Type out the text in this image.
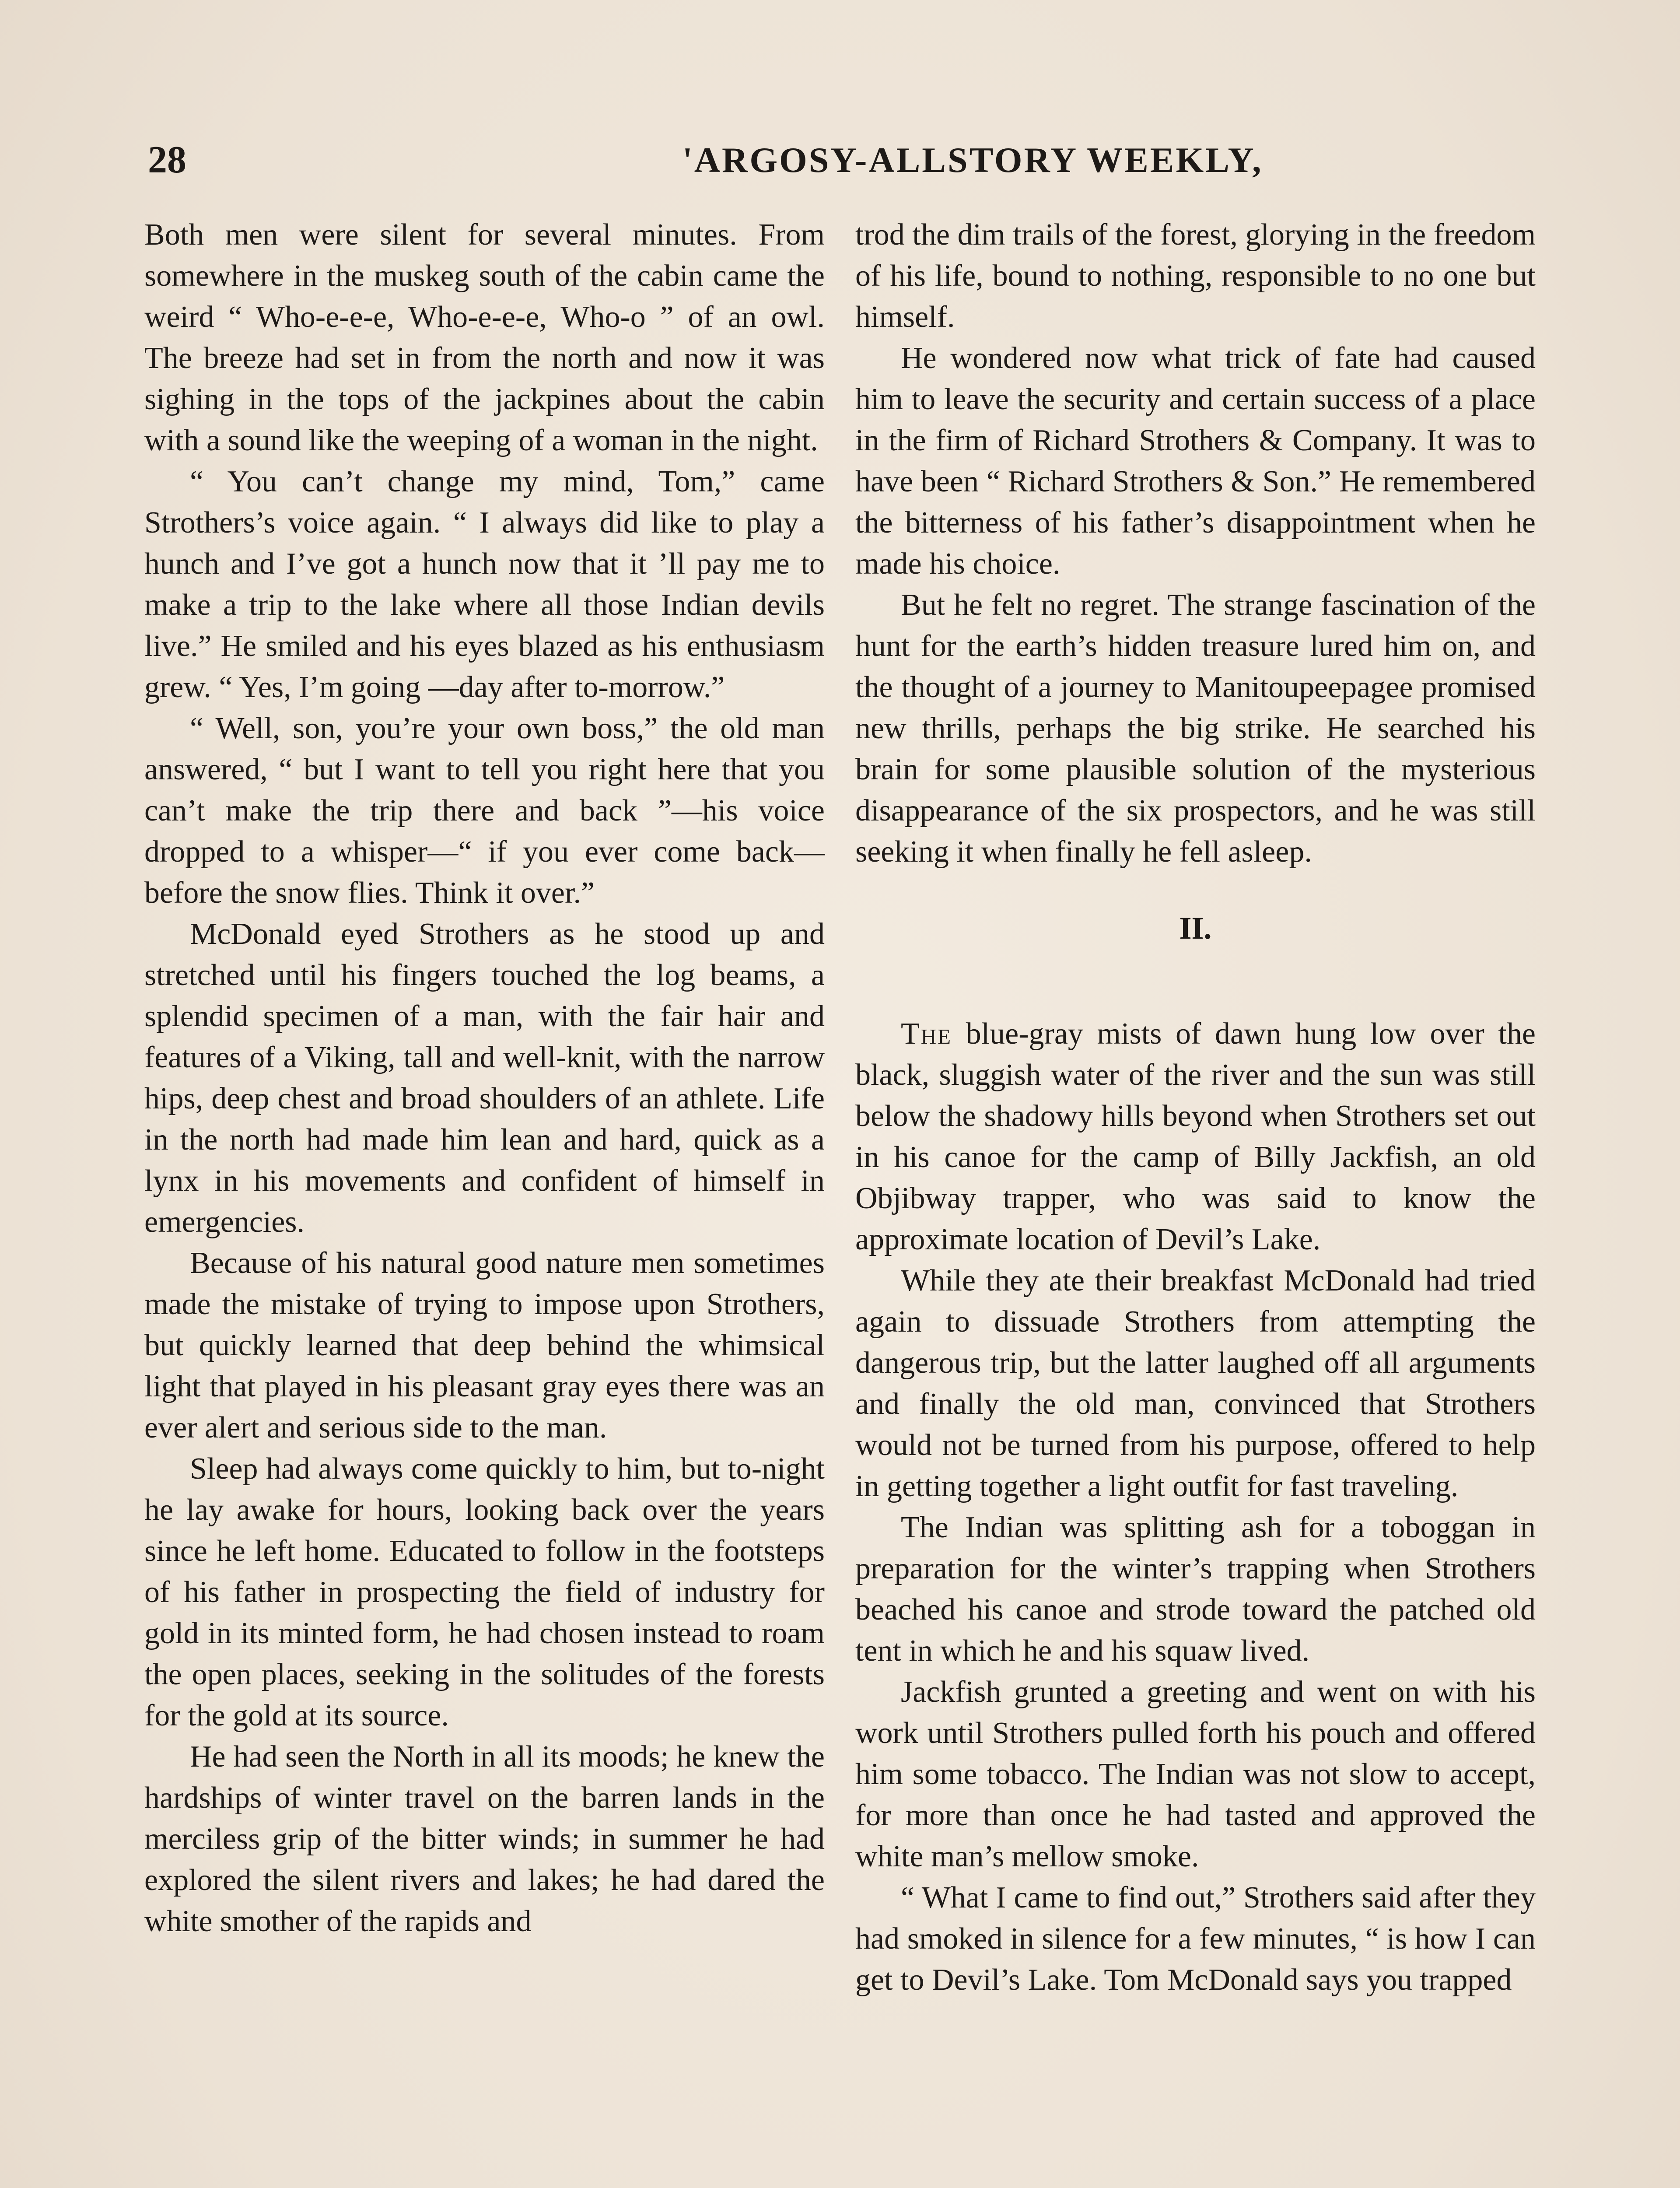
28	'ARGOSY-ALLSTORY WEEKLY,

Both men were silent for several minutes. From somewhere in the muskeg south of the cabin came the weird “ Who-e-e-e, Who-e-e-e, Who-o ” of an owl. The breeze had set in from the north and now it was sighing in the tops of the jackpines about the cabin with a sound like the weeping of a woman in the night.

“ You can’t change my mind, Tom,” came Strothers’s voice again. “ I always did like to play a hunch and I’ve got a hunch now that it ’ll pay me to make a trip to the lake where all those Indian devils live.” He smiled and his eyes blazed as his enthusiasm grew. “ Yes, I’m going —day after to-morrow.”

“ Well, son, you’re your own boss,” the old man answered, “ but I want to tell you right here that you can’t make the trip there and back ”—his voice dropped to a whisper—“ if you ever come back—before the snow flies. Think it over.”

McDonald eyed Strothers as he stood up and stretched until his fingers touched the log beams, a splendid specimen of a man, with the fair hair and features of a Viking, tall and well-knit, with the narrow hips, deep chest and broad shoulders of an athlete. Life in the north had made him lean and hard, quick as a lynx in his movements and confident of himself in emergencies.

Because of his natural good nature men sometimes made the mistake of trying to impose upon Strothers, but quickly learned that deep behind the whimsical light that played in his pleasant gray eyes there was an ever alert and serious side to the man.

Sleep had always come quickly to him, but to-night he lay awake for hours, looking back over the years since he left home. Educated to follow in the footsteps of his father in prospecting the field of industry for gold in its minted form, he had chosen instead to roam the open places, seeking in the solitudes of the forests for the gold at its source.

He had seen the North in all its moods; he knew the hardships of winter travel on the barren lands in the merciless grip of the bitter winds; in summer he had explored the silent rivers and lakes; he had dared the white smother of the rapids and

trod the dim trails of the forest, glorying in the freedom of his life, bound to nothing, responsible to no one but himself.

He wondered now what trick of fate had caused him to leave the security and certain success of a place in the firm of Richard Strothers & Company. It was to have been “ Richard Strothers & Son.” He remembered the bitterness of his father’s disappointment when he made his choice.

But he felt no regret. The strange fascination of the hunt for the earth’s hidden treasure lured him on, and the thought of a journey to Manitoupeepagee promised new thrills, perhaps the big strike. He searched his brain for some plausible solution of the mysterious disappearance of the six prospectors, and he was still seeking it when finally he fell asleep.

II.

The blue-gray mists of dawn hung low over the black, sluggish water of the river and the sun was still below the shadowy hills beyond when Strothers set out in his canoe for the camp of Billy Jackfish, an old Objibway trapper, who was said to know the approximate location of Devil’s Lake.

While they ate their breakfast McDonald had tried again to dissuade Strothers from attempting the dangerous trip, but the latter laughed off all arguments and finally the old man, convinced that Strothers would not be turned from his purpose, offered to help in getting together a light outfit for fast traveling.

The Indian was splitting ash for a toboggan in preparation for the winter’s trapping when Strothers beached his canoe and strode toward the patched old tent in which he and his squaw lived.

Jackfish grunted a greeting and went on with his work until Strothers pulled forth his pouch and offered him some tobacco. The Indian was not slow to accept, for more than once he had tasted and approved the white man’s mellow smoke.

“ What I came to find out,” Strothers said after they had smoked in silence for a few minutes, “ is how I can get to Devil’s Lake. Tom McDonald says you trapped
